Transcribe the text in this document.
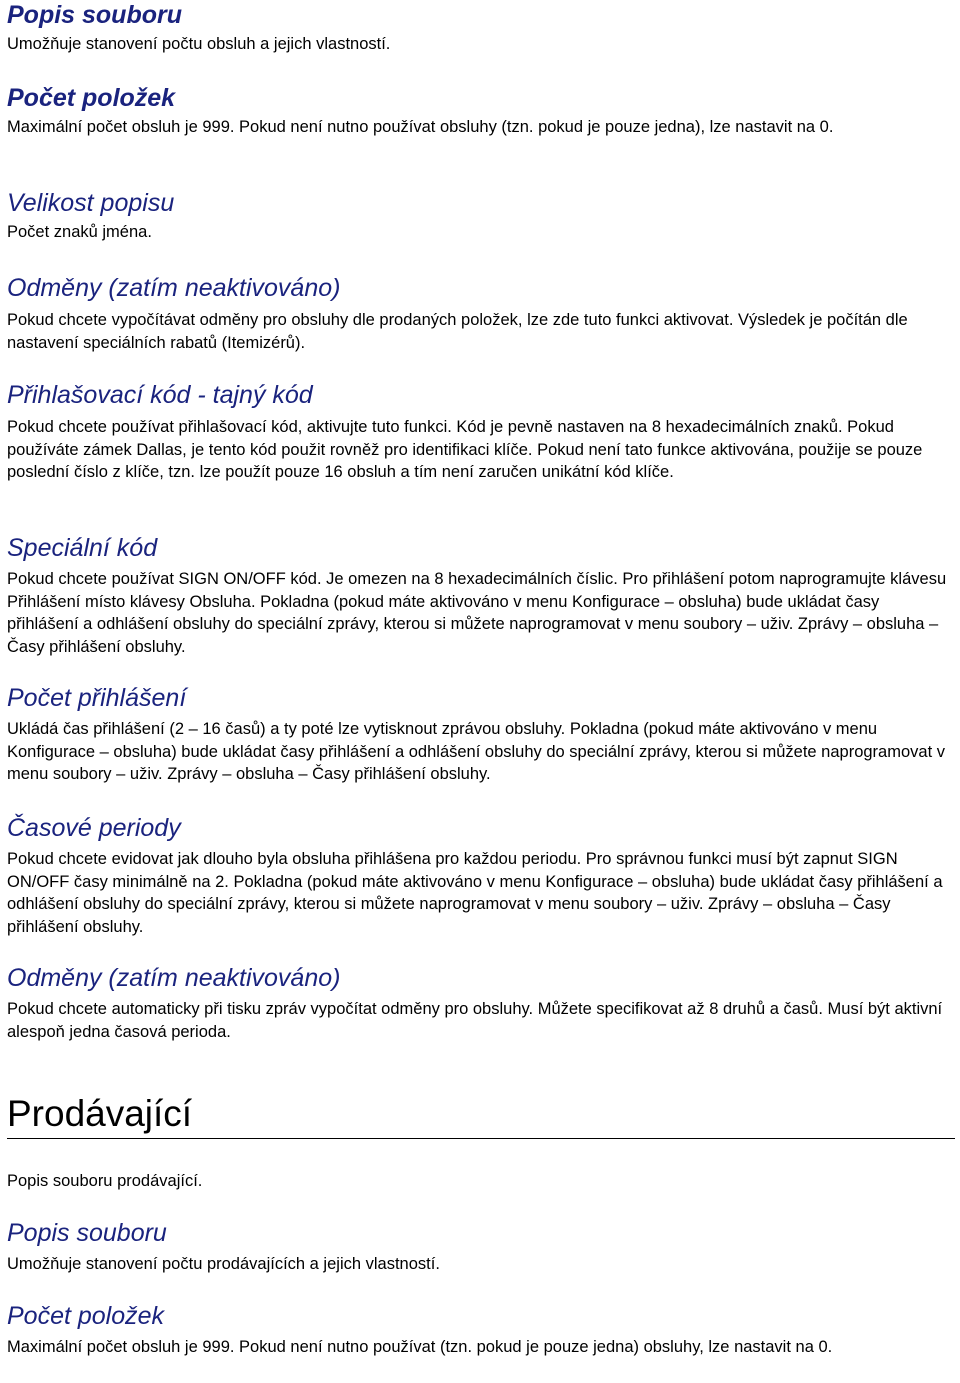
Popis souboru
Umožňuje stanovení počtu obsluh a jejich vlastností.
Počet položek
Maximální počet obsluh je 999. Pokud není nutno používat obsluhy (tzn. pokud je pouze jedna), lze nastavit na 0.
Velikost popisu
Počet znaků jména.
Odměny (zatím neaktivováno)
Pokud chcete vypočítávat odměny pro obsluhy dle prodaných položek, lze zde tuto funkci aktivovat. Výsledek je počítán dle nastavení speciálních rabatů (Itemizérů).
Přihlašovací kód - tajný kód
Pokud chcete používat přihlašovací kód, aktivujte tuto funkci. Kód je pevně nastaven na 8 hexadecimálních znaků. Pokud používáte zámek Dallas, je tento kód použit rovněž pro identifikaci klíče. Pokud není tato funkce aktivována, použije se pouze poslední číslo z klíče, tzn. lze použít pouze 16 obsluh a tím není zaručen unikátní kód klíče.
Speciální kód
Pokud chcete používat SIGN ON/OFF kód. Je omezen na 8 hexadecimálních číslic. Pro přihlášení potom naprogramujte klávesu Přihlášení místo klávesy Obsluha. Pokladna (pokud máte aktivováno v menu Konfigurace – obsluha) bude ukládat časy přihlášení a odhlášení obsluhy do speciální zprávy, kterou si můžete naprogramovat v menu soubory – uživ. Zprávy – obsluha – Časy přihlášení obsluhy.
Počet přihlášení
Ukládá čas přihlášení (2 – 16 časů) a ty poté lze vytisknout zprávou obsluhy. Pokladna (pokud máte aktivováno v menu Konfigurace – obsluha) bude ukládat časy přihlášení a odhlášení obsluhy do speciální zprávy, kterou si můžete naprogramovat v menu soubory – uživ. Zprávy – obsluha – Časy přihlášení obsluhy.
Časové periody
Pokud chcete evidovat jak dlouho byla obsluha přihlášena pro každou periodu. Pro správnou funkci musí být zapnut SIGN ON/OFF časy minimálně na 2. Pokladna (pokud máte aktivováno v menu Konfigurace – obsluha) bude ukládat časy přihlášení a odhlášení obsluhy do speciální zprávy, kterou si můžete naprogramovat v menu soubory – uživ. Zprávy – obsluha – Časy přihlášení obsluhy.
Odměny (zatím neaktivováno)
Pokud chcete automaticky při tisku zpráv vypočítat odměny pro obsluhy. Můžete specifikovat až 8 druhů a časů. Musí být aktivní alespoň jedna časová perioda.
Prodávající
Popis souboru prodávající.
Popis souboru
Umožňuje stanovení počtu prodávajících a jejich vlastností.
Počet položek
Maximální počet obsluh je 999. Pokud není nutno používat (tzn. pokud je pouze jedna) obsluhy, lze nastavit na 0.
